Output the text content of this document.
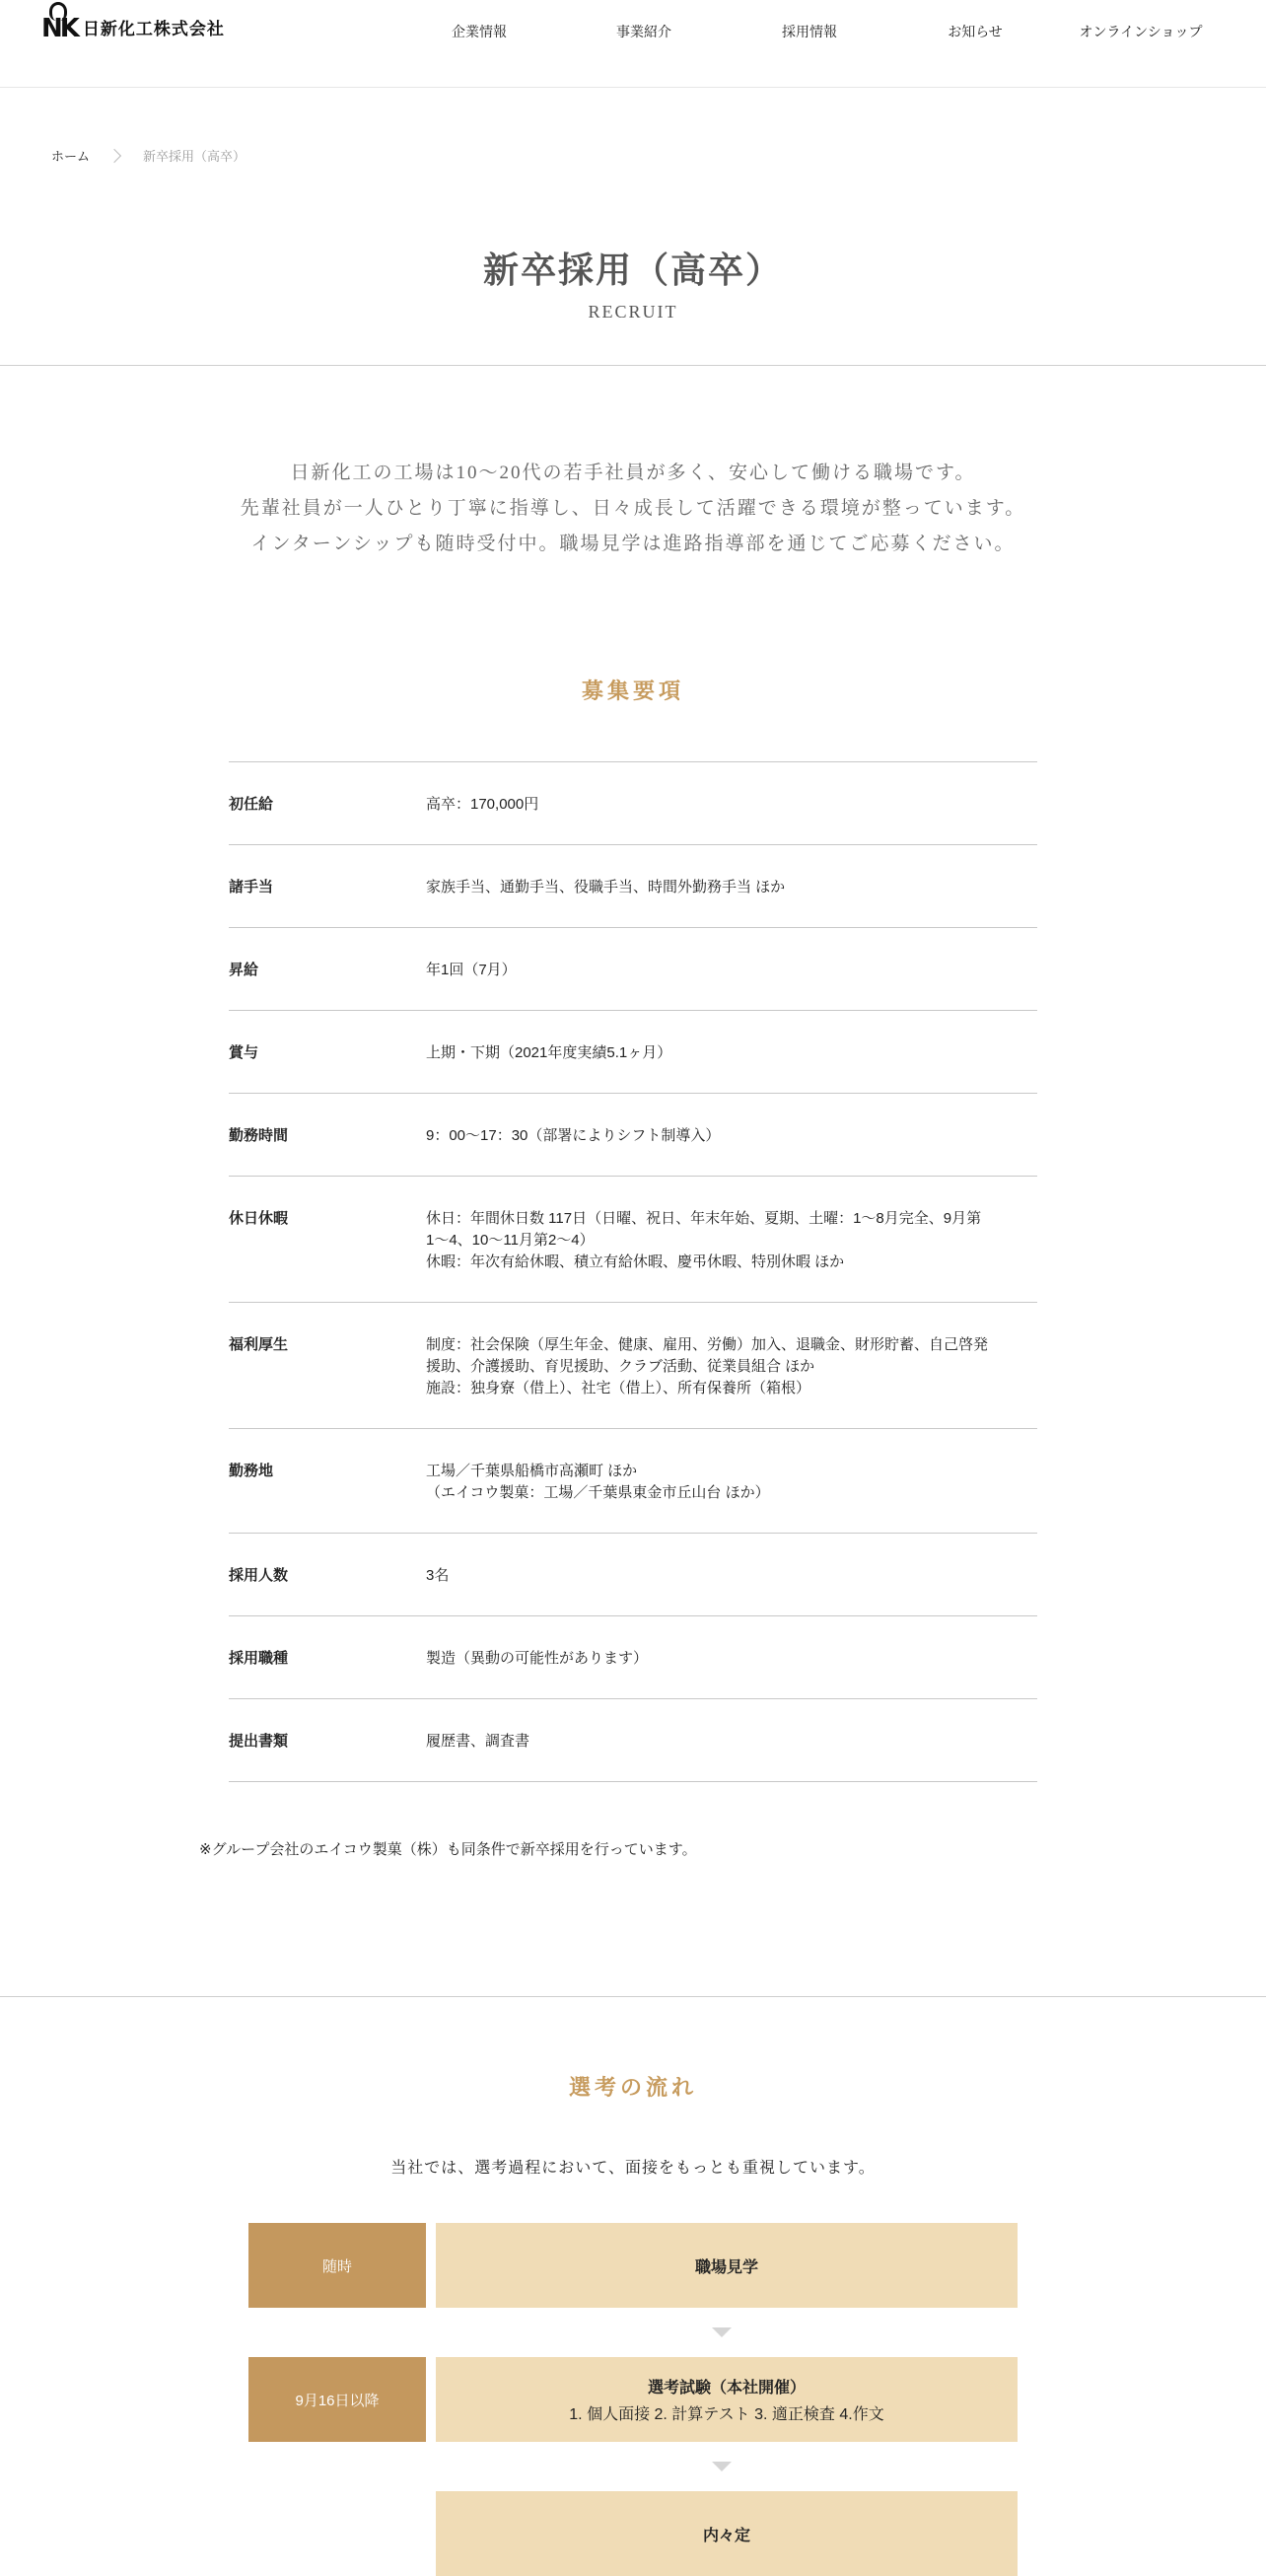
NK 日新化工株式会社	企業情報	事業紹介	採用情報	お知らせ	オンラインショップ
ホーム	新卒採用（高卒）
新卒採用（高卒）
RECRUIT
日新化工の工場は10～20代の若手社員が多く、安心して働ける職場です。
先輩社員が一人ひとり丁寧に指導し、日々成長して活躍できる環境が整っています。
インターンシップも随時受付中。職場見学は進路指導部を通じてご応募ください。
募集要項
初任給	高卒：170,000円
諸手当	家族手当、通勤手当、役職手当、時間外勤務手当 ほか
昇給	年1回（7月）
賞与	上期・下期（2021年度実績5.1ヶ月）
勤務時間	9：00〜17：30（部署によりシフト制導入）
休日休暇	休日：年間休日数 117日（日曜、祝日、年末年始、夏期、土曜：1〜8月完全、9月第1〜4、10〜11月第2〜4）
休暇：年次有給休暇、積立有給休暇、慶弔休暇、特別休暇 ほか
福利厚生	制度：社会保険（厚生年金、健康、雇用、労働）加入、退職金、財形貯蓄、自己啓発援助、介護援助、育児援助、クラブ活動、従業員組合 ほか
施設：独身寮（借上）、社宅（借上）、所有保養所（箱根）
勤務地	工場／千葉県船橋市高瀬町 ほか
（エイコウ製菓：工場／千葉県東金市丘山台 ほか）
採用人数	3名
採用職種	製造（異動の可能性があります）
提出書類	履歴書、調査書
※グループ会社のエイコウ製菓（株）も同条件で新卒採用を行っています。
選考の流れ
当社では、選考過程において、面接をもっとも重視しています。
随時	職場見学
9月16日以降
選考試験（本社開催）
1. 個人面接 2. 計算テスト 3. 適正検査 4.作文
内々定
